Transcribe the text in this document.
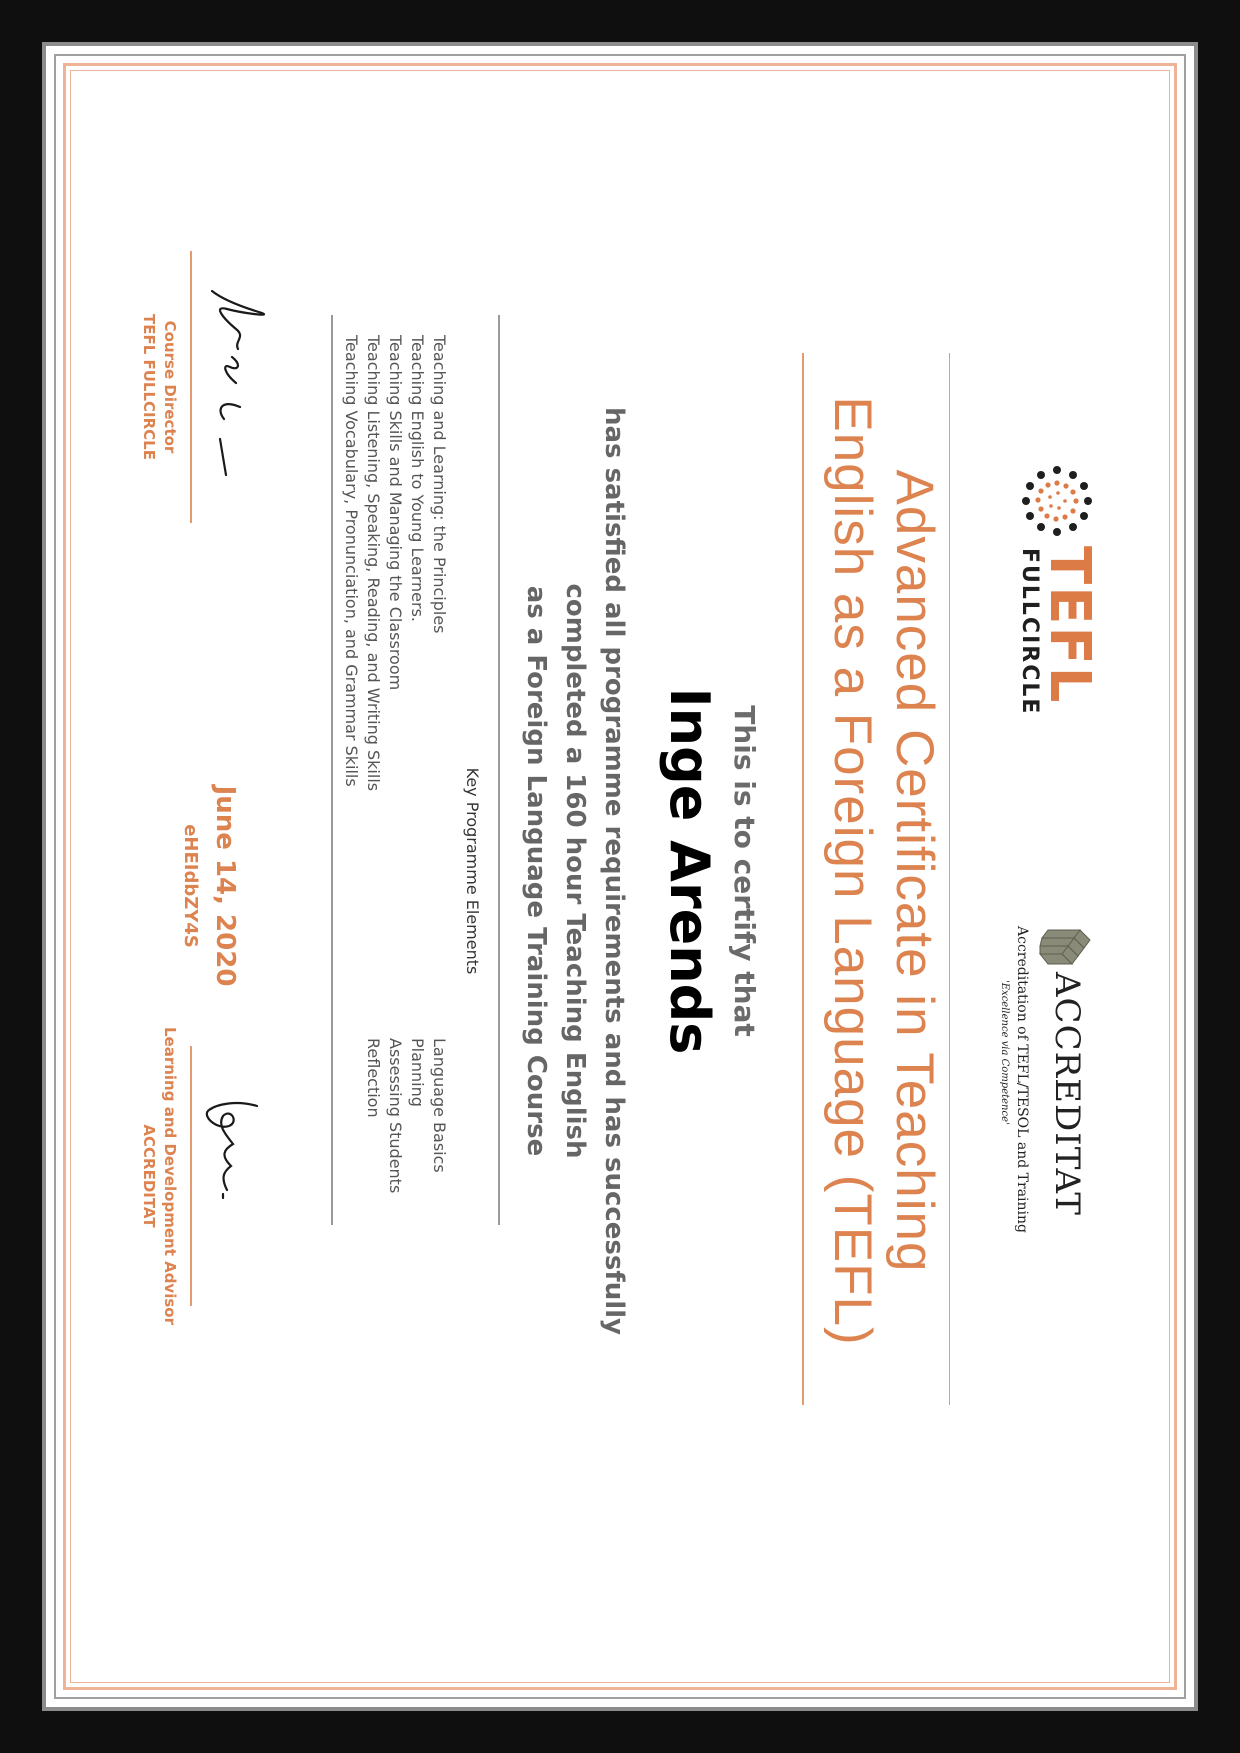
TEFL
FULLCIRCLE
ACCREDITAT
Accreditation of TEFL/TESOL and Training
'Excellence via Competence'
Advanced Certificate in Teaching
English as a Foreign Language (TEFL)
This is to certify that
Inge Arends
has satisfied all programme requirements and has successfully
completed a 160 hour Teaching English
as a Foreign Language Training Course
Key Programme Elements
Teaching and Learning: the Principles
Teaching English to Young Learners.
Teaching Skills and Managing the Classroom
Teaching Listening, Speaking, Reading, and Writing Skills
Teaching Vocabulary, Pronunciation, and Grammar Skills
Language Basics
Planning
Assessing Students
Reflection
Course Director
TEFL FULLCIRCLE
June 14, 2020
eHEIdbZY4S
Learning and Development Advisor
ACCREDITAT
